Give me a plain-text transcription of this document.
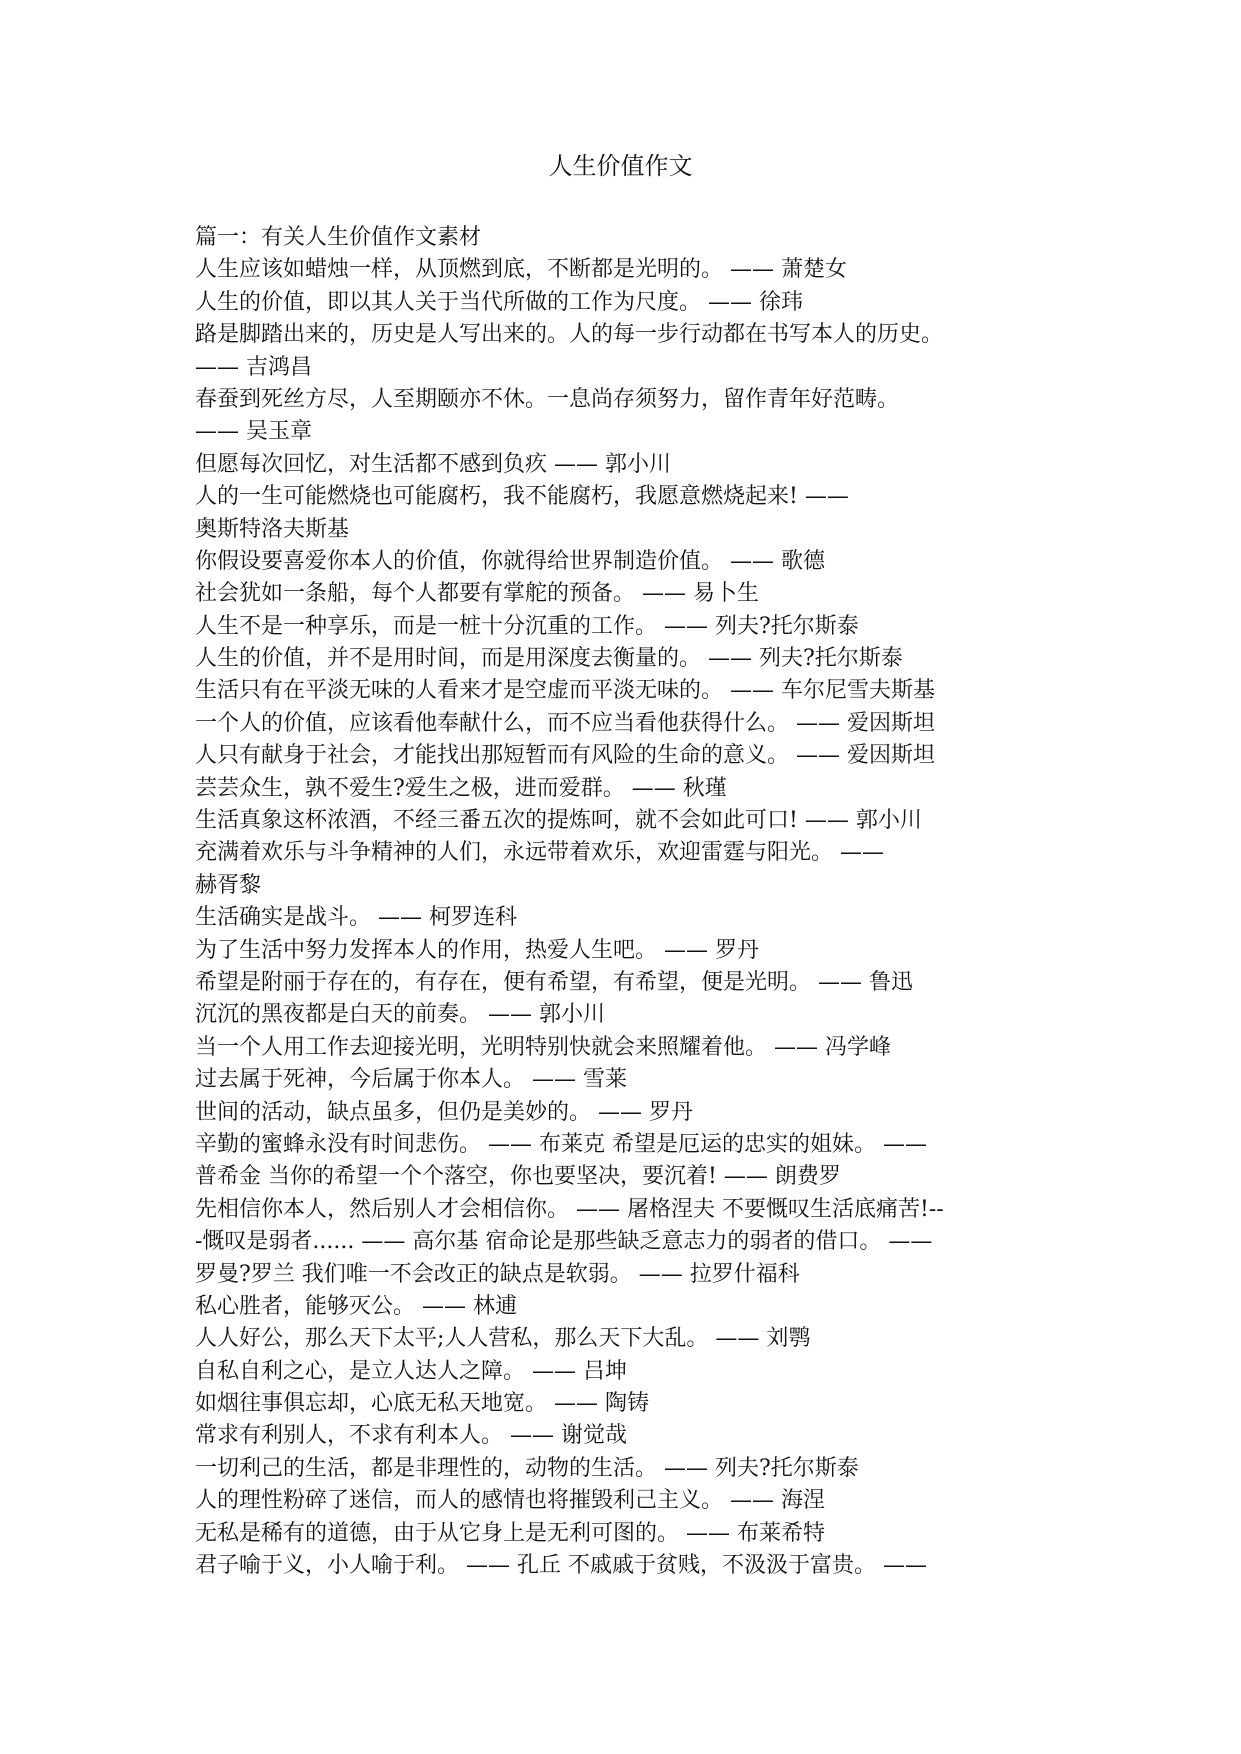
人生价值作文
篇一：有关人生价值作文素材
人生应该如蜡烛一样，从顶燃到底，不断都是光明的。 —— 萧楚女
人生的价值，即以其人关于当代所做的工作为尺度。 —— 徐玮
路是脚踏出来的，历史是人写出来的。人的每一步行动都在书写本人的历史。
—— 吉鸿昌
春蚕到死丝方尽，人至期颐亦不休。一息尚存须努力，留作青年好范畴。
—— 吴玉章
但愿每次回忆，对生活都不感到负疚 —— 郭小川
人的一生可能燃烧也可能腐朽，我不能腐朽，我愿意燃烧起来! ——
奥斯特洛夫斯基
你假设要喜爱你本人的价值，你就得给世界制造价值。 —— 歌德
社会犹如一条船，每个人都要有掌舵的预备。 —— 易卜生
人生不是一种享乐，而是一桩十分沉重的工作。 —— 列夫?托尔斯泰
人生的价值，并不是用时间，而是用深度去衡量的。 —— 列夫?托尔斯泰
生活只有在平淡无味的人看来才是空虚而平淡无味的。 —— 车尔尼雪夫斯基
一个人的价值，应该看他奉献什么，而不应当看他获得什么。 —— 爱因斯坦
人只有献身于社会，才能找出那短暂而有风险的生命的意义。 —— 爱因斯坦
芸芸众生，孰不爱生?爱生之极，进而爱群。 —— 秋瑾
生活真象这杯浓酒，不经三番五次的提炼呵，就不会如此可口! —— 郭小川
充满着欢乐与斗争精神的人们，永远带着欢乐，欢迎雷霆与阳光。 ——
赫胥黎
生活确实是战斗。 —— 柯罗连科
为了生活中努力发挥本人的作用，热爱人生吧。 —— 罗丹
希望是附丽于存在的，有存在，便有希望，有希望，便是光明。 —— 鲁迅
沉沉的黑夜都是白天的前奏。 —— 郭小川
当一个人用工作去迎接光明，光明特别快就会来照耀着他。 —— 冯学峰
过去属于死神，今后属于你本人。 —— 雪莱
世间的活动，缺点虽多，但仍是美妙的。 —— 罗丹
辛勤的蜜蜂永没有时间悲伤。 —— 布莱克 希望是厄运的忠实的姐妹。 ——
普希金 当你的希望一个个落空，你也要坚决，要沉着! —— 朗费罗
先相信你本人，然后别人才会相信你。 —— 屠格涅夫 不要慨叹生活底痛苦!--
-慨叹是弱者...... —— 高尔基 宿命论是那些缺乏意志力的弱者的借口。 ——
罗曼?罗兰 我们唯一不会改正的缺点是软弱。 —— 拉罗什福科
私心胜者，能够灭公。 —— 林逋
人人好公，那么天下太平;人人营私，那么天下大乱。 —— 刘鹗
自私自利之心，是立人达人之障。 —— 吕坤
如烟往事俱忘却，心底无私天地宽。 —— 陶铸
常求有利别人，不求有利本人。 —— 谢觉哉
一切利己的生活，都是非理性的，动物的生活。 —— 列夫?托尔斯泰
人的理性粉碎了迷信，而人的感情也将摧毁利己主义。 —— 海涅
无私是稀有的道德，由于从它身上是无利可图的。 —— 布莱希特
君子喻于义，小人喻于利。 —— 孔丘 不戚戚于贫贱，不汲汲于富贵。 ——
